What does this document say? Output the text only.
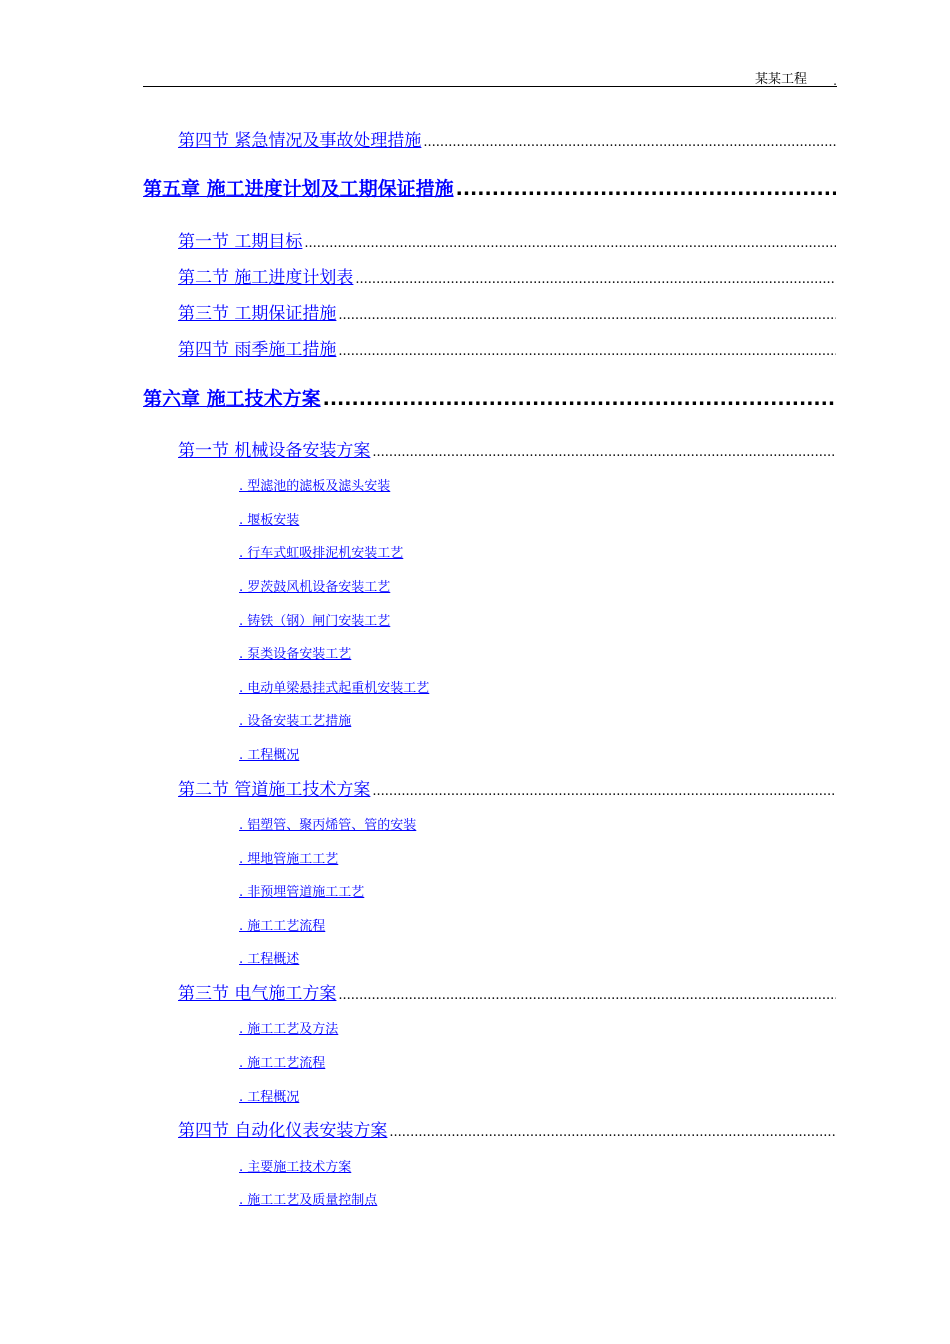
某某工程 .
第四节 紧急情况及事故处理措施
.....
第五章 施工进度计划及工期保证措施
.....
第一节 工期目标
.....
第二节 施工进度计划表
.....
第三节 工期保证措施
.....
第四节 雨季施工措施
.....
第六章 施工技术方案
.....
第一节 机械设备安装方案
.....
. 型滤池的滤板及滤头安装
. 堰板安装
. 行车式虹吸排泥机安装工艺
. 罗茨鼓风机设备安装工艺
. 铸铁（钢）闸门安装工艺
. 泵类设备安装工艺
. 电动单梁悬挂式起重机安装工艺
. 设备安装工艺措施
. 工程概况
第二节 管道施工技术方案
.....
. 铝塑管、聚丙烯管、管的安装
. 埋地管施工工艺
. 非预埋管道施工工艺
. 施工工艺流程
. 工程概述
第三节 电气施工方案
.....
. 施工工艺及方法
. 施工工艺流程
. 工程概况
第四节 自动化仪表安装方案
.....
. 主要施工技术方案
. 施工工艺及质量控制点
